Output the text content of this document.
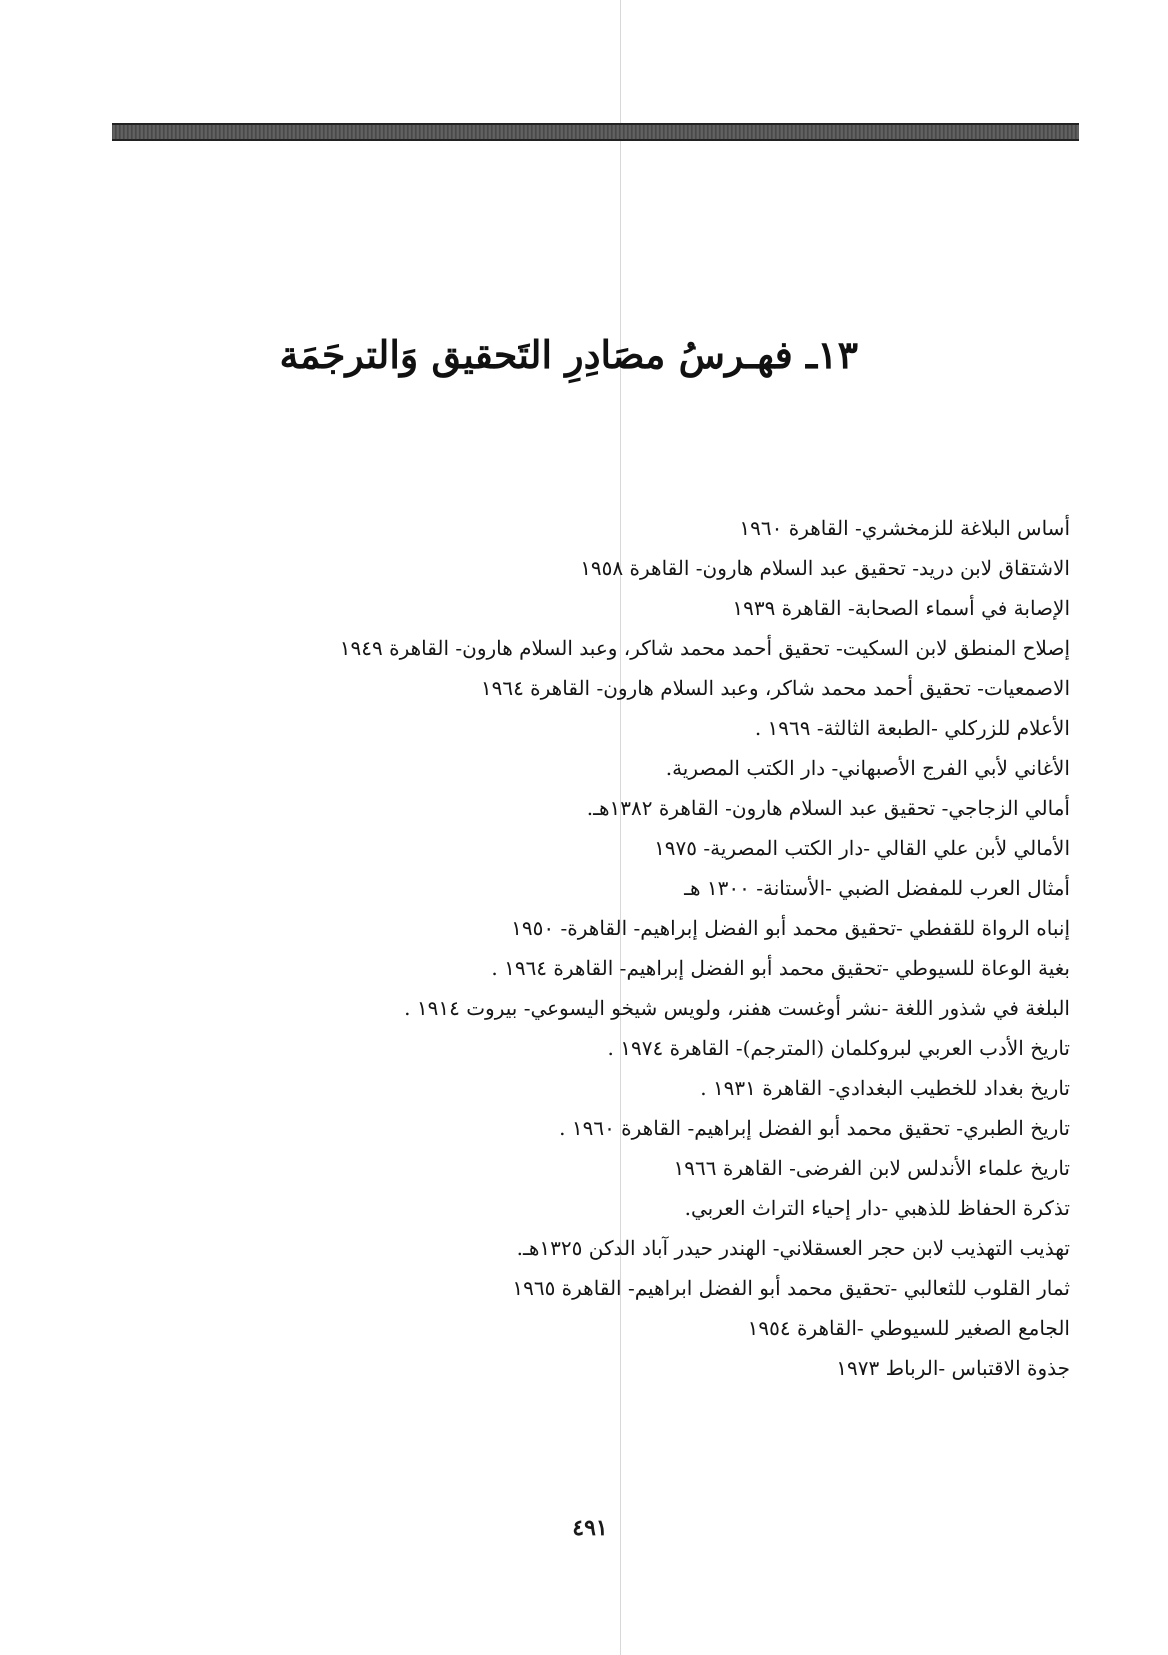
١٣ـ فهـرسُ مصَادِرِ التَحقيق وَالترجَمَة
أساس البلاغة للزمخشري- القاهرة ١٩٦٠
الاشتقاق لابن دريد- تحقيق عبد السلام هارون- القاهرة ١٩٥٨
الإصابة في أسماء الصحابة- القاهرة ١٩٣٩
إصلاح المنطق لابن السكيت- تحقيق أحمد محمد شاكر، وعبد السلام هارون- القاهرة ١٩٤٩
الاصمعيات- تحقيق أحمد محمد شاكر، وعبد السلام هارون- القاهرة ١٩٦٤
الأعلام للزركلي -الطبعة الثالثة- ١٩٦٩ .
الأغاني لأبي الفرج الأصبهاني- دار الكتب المصرية.
أمالي الزجاجي- تحقيق عبد السلام هارون- القاهرة ١٣٨٢هـ.
الأمالي لأبن علي القالي -دار الكتب المصرية- ١٩٧٥
أمثال العرب للمفضل الضبي -الأستانة- ١٣٠٠ هـ
إنباه الرواة للقفطي -تحقيق محمد أبو الفضل إبراهيم- القاهرة- ١٩٥٠
بغية الوعاة للسيوطي -تحقيق محمد أبو الفضل إبراهيم- القاهرة ١٩٦٤ .
البلغة في شذور اللغة -نشر أوغست هفنر، ولويس شيخو اليسوعي- بيروت ١٩١٤ .
تاريخ الأدب العربي لبروكلمان (المترجم)- القاهرة ١٩٧٤ .
تاريخ بغداد للخطيب البغدادي- القاهرة ١٩٣١ .
تاريخ الطبري- تحقيق محمد أبو الفضل إبراهيم- القاهرة ١٩٦٠ .
تاريخ علماء الأندلس لابن الفرضى- القاهرة ١٩٦٦
تذكرة الحفاظ للذهبي -دار إحياء التراث العربي.
تهذيب التهذيب لابن حجر العسقلاني- الهندر حيدر آباد الدكن ١٣٢٥هـ.
ثمار القلوب للثعالبي -تحقيق محمد أبو الفضل ابراهيم- القاهرة ١٩٦٥
الجامع الصغير للسيوطي -القاهرة ١٩٥٤
جذوة الاقتباس -الرباط ١٩٧٣
٤٩١
